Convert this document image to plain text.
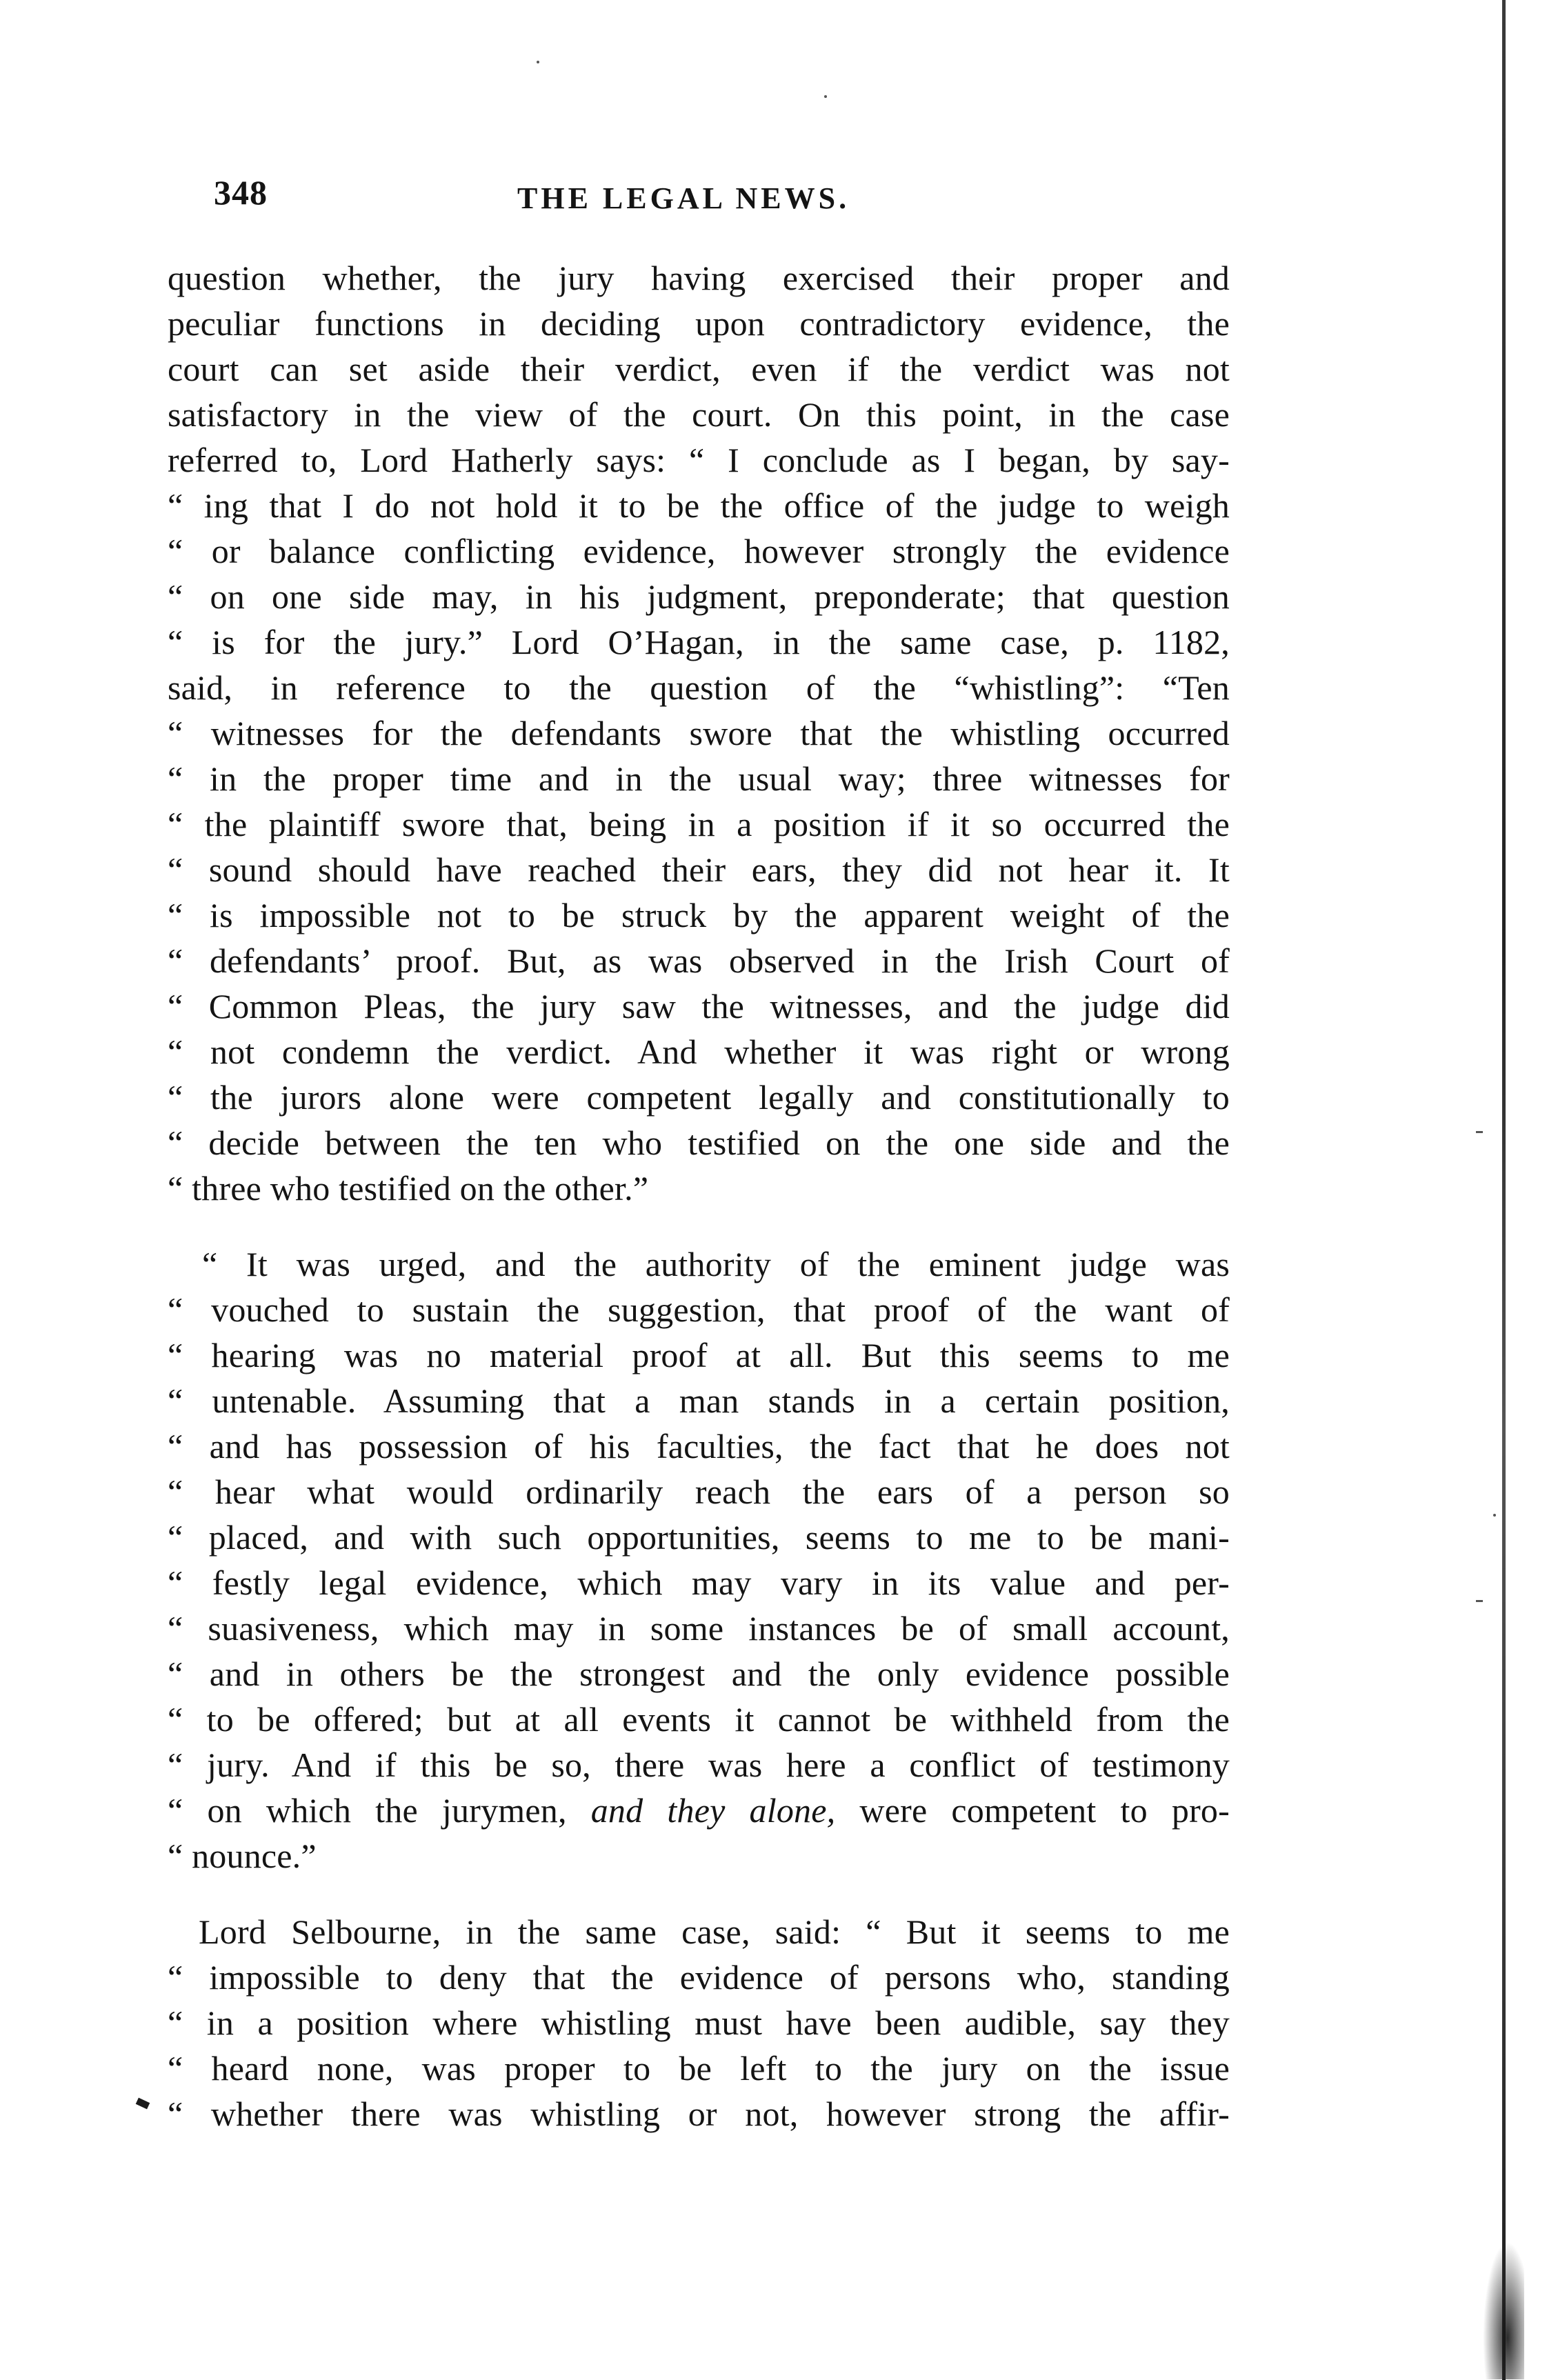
348	THE LEGAL NEWS.
question whether, the jury having exercised their proper and
peculiar functions in deciding upon contradictory evidence, the
court can set aside their verdict, even if the verdict was not
satisfactory in the view of the court. On this point, in the case
referred to, Lord Hatherly says: “ I conclude as I began, by say-
“ ing that I do not hold it to be the office of the judge to weigh
“ or balance conflicting evidence, however strongly the evidence
“ on one side may, in his judgment, preponderate; that question
“ is for the jury.” Lord O’Hagan, in the same case, p. 1182,
said, in reference to the question of the “whistling”: “Ten
“ witnesses for the defendants swore that the whistling occurred
“ in the proper time and in the usual way; three witnesses for
“ the plaintiff swore that, being in a position if it so occurred the
“ sound should have reached their ears, they did not hear it. It
“ is impossible not to be struck by the apparent weight of the
“ defendants’ proof. But, as was observed in the Irish Court of
“ Common Pleas, the jury saw the witnesses, and the judge did
“ not condemn the verdict. And whether it was right or wrong
“ the jurors alone were competent legally and constitutionally to
“ decide between the ten who testified on the one side and the
“ three who testified on the other.”
“ It was urged, and the authority of the eminent judge was
“ vouched to sustain the suggestion, that proof of the want of
“ hearing was no material proof at all. But this seems to me
“ untenable. Assuming that a man stands in a certain position,
“ and has possession of his faculties, the fact that he does not
“ hear what would ordinarily reach the ears of a person so
“ placed, and with such opportunities, seems to me to be mani-
“ festly legal evidence, which may vary in its value and per-
“ suasiveness, which may in some instances be of small account,
“ and in others be the strongest and the only evidence possible
“ to be offered; but at all events it cannot be withheld from the
“ jury. And if this be so, there was here a conflict of testimony
“ on which the jurymen, and they alone, were competent to pro-
“ nounce.”
Lord Selbourne, in the same case, said: “ But it seems to me
“ impossible to deny that the evidence of persons who, standing
“ in a position where whistling must have been audible, say they
“ heard none, was proper to be left to the jury on the issue
“ whether there was whistling or not, however strong the affir-
